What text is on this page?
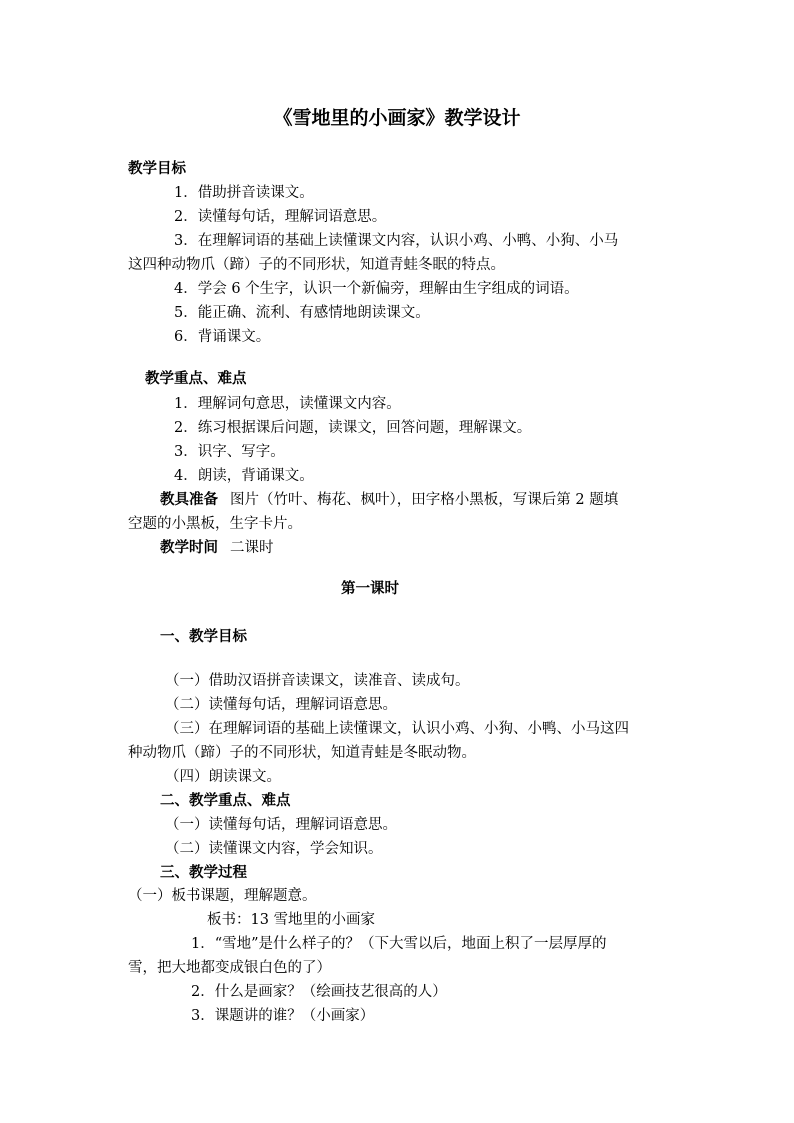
《雪地里的小画家》教学设计
教学目标
1．借助拼音读课文。
2．读懂每句话，理解词语意思。
3．在理解词语的基础上读懂课文内容，认识小鸡、小鸭、小狗、小马
这四种动物爪（蹄）子的不同形状，知道青蛙冬眠的特点。
4．学会 6 个生字，认识一个新偏旁，理解由生字组成的词语。
5．能正确、流利、有感情地朗读课文。
6．背诵课文。
教学重点、难点
1．理解词句意思，读懂课文内容。
2．练习根据课后问题，读课文，回答问题，理解课文。
3．识字、写字。
4．朗读，背诵课文。
教具准备 图片（竹叶、梅花、枫叶），田字格小黑板，写课后第 2 题填
空题的小黑板，生字卡片。
教学时间 二课时
第一课时
一、教学目标
（一）借助汉语拼音读课文，读准音、读成句。
（二）读懂每句话，理解词语意思。
（三）在理解词语的基础上读懂课文，认识小鸡、小狗、小鸭、小马这四
种动物爪（蹄）子的不同形状，知道青蛙是冬眠动物。
（四）朗读课文。
二、教学重点、难点
（一）读懂每句话，理解词语意思。
（二）读懂课文内容，学会知识。
三、教学过程
（一）板书课题，理解题意。
板书：13 雪地里的小画家
1．“雪地”是什么样子的？（下大雪以后，地面上积了一层厚厚的
雪，把大地都变成银白色的了）
2．什么是画家？（绘画技艺很高的人）
3．课题讲的谁？（小画家）
